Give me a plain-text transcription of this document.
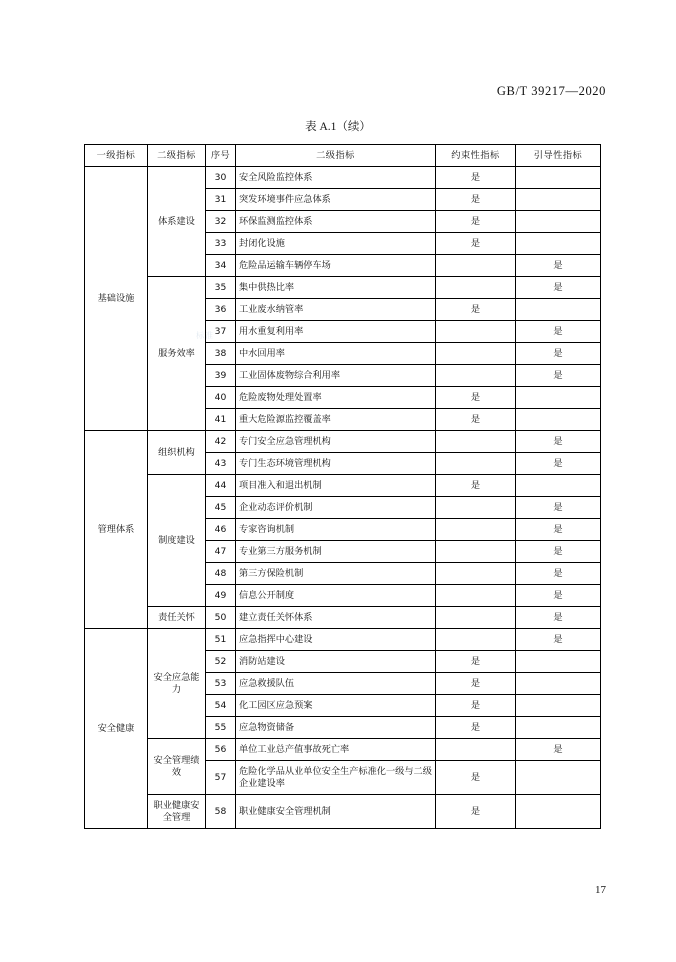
GB/T 39217—2020
表 A.1（续）
标准
一级指标	二级指标	序号	二级指标	约束性指标	引导性指标
基础设施	体系建设	30	安全风险监控体系	是	
		31	突发环境事件应急体系	是	
		32	环保监测监控体系	是	
		33	封闭化设施	是	
		34	危险品运输车辆停车场		是
	服务效率	35	集中供热比率		是
		36	工业废水纳管率	是	
		37	用水重复利用率		是
		38	中水回用率		是
		39	工业固体废物综合利用率		是
		40	危险废物处理处置率	是	
		41	重大危险源监控覆盖率	是	
管理体系	组织机构	42	专门安全应急管理机构		是
		43	专门生态环境管理机构		是
	制度建设	44	项目准入和退出机制	是	
		45	企业动态评价机制		是
		46	专家咨询机制		是
		47	专业第三方服务机制		是
		48	第三方保险机制		是
		49	信息公开制度		是
	责任关怀	50	建立责任关怀体系		是
安全健康	安全应急能力	51	应急指挥中心建设		是
		52	消防站建设	是	
		53	应急救援队伍	是	
		54	化工园区应急预案	是	
		55	应急物资储备	是	
	安全管理绩效	56	单位工业总产值事故死亡率		是
		57	危险化学品从业单位安全生产标准化一级与二级企业建设率	是	
	职业健康安全管理	58	职业健康安全管理机制	是	
17
